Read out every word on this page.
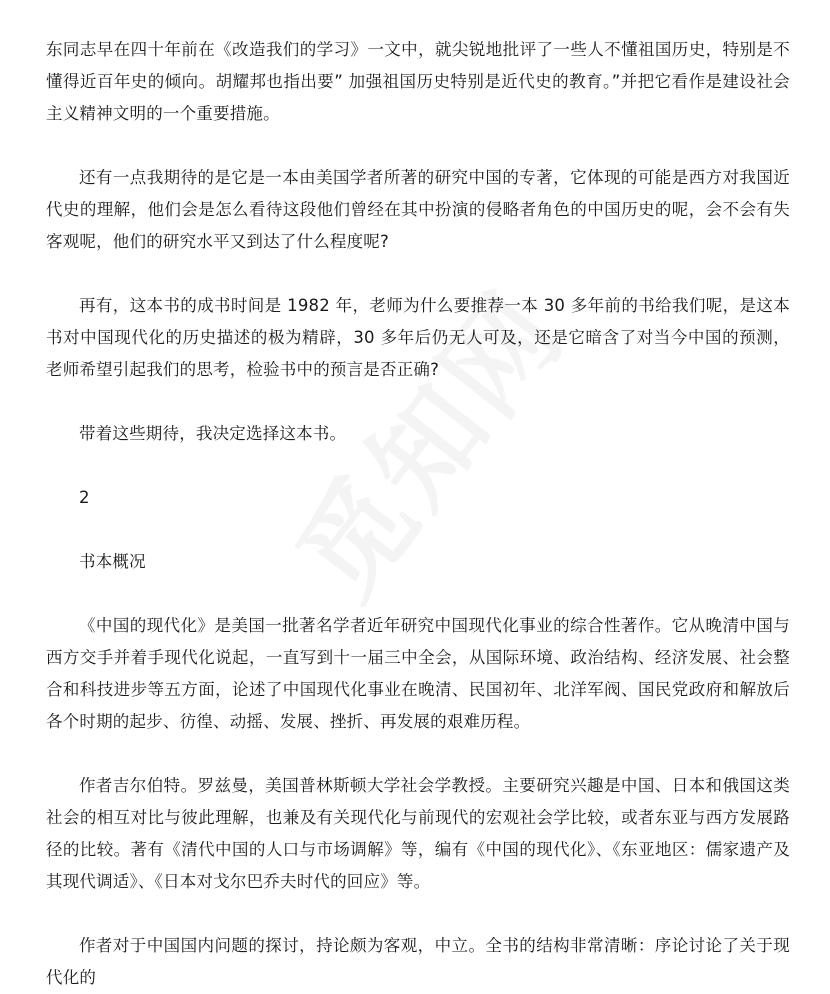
东同志早在四十年前在《改造我们的学习》一文中，就尖锐地批评了一些人不懂祖国历史，特别是不懂得近百年史的倾向。胡耀邦也指出要” 加强祖国历史特别是近代史的教育。”并把它看作是建设社会主义精神文明的一个重要措施。

还有一点我期待的是它是一本由美国学者所著的研究中国的专著，它体现的可能是西方对我国近代史的理解，他们会是怎么看待这段他们曾经在其中扮演的侵略者角色的中国历史的呢，会不会有失客观呢，他们的研究水平又到达了什么程度呢?

再有，这本书的成书时间是 1982 年，老师为什么要推荐一本 30 多年前的书给我们呢，是这本书对中国现代化的历史描述的极为精辟，30 多年后仍无人可及，还是它暗含了对当今中国的预测，老师希望引起我们的思考，检验书中的预言是否正确?

带着这些期待，我决定选择这本书。

2

书本概况

《中国的现代化》是美国一批著名学者近年研究中国现代化事业的综合性著作。它从晚清中国与西方交手并着手现代化说起，一直写到十一届三中全会，从国际环境、政治结构、经济发展、社会整合和科技进步等五方面，论述了中国现代化事业在晚清、民国初年、北洋军阀、国民党政府和解放后各个时期的起步、彷徨、动摇、发展、挫折、再发展的艰难历程。

作者吉尔伯特。罗兹曼，美国普林斯顿大学社会学教授。主要研究兴趣是中国、日本和俄国这类社会的相互对比与彼此理解，也兼及有关现代化与前现代的宏观社会学比较，或者东亚与西方发展路径的比较。著有《清代中国的人口与市场调解》等，编有《中国的现代化》、《东亚地区：儒家遗产及其现代调适》、《日本对戈尔巴乔夫时代的回应》等。

作者对于中国国内问题的探讨，持论颇为客观，中立。全书的结构非常清晰：序论讨论了关于现代化的
